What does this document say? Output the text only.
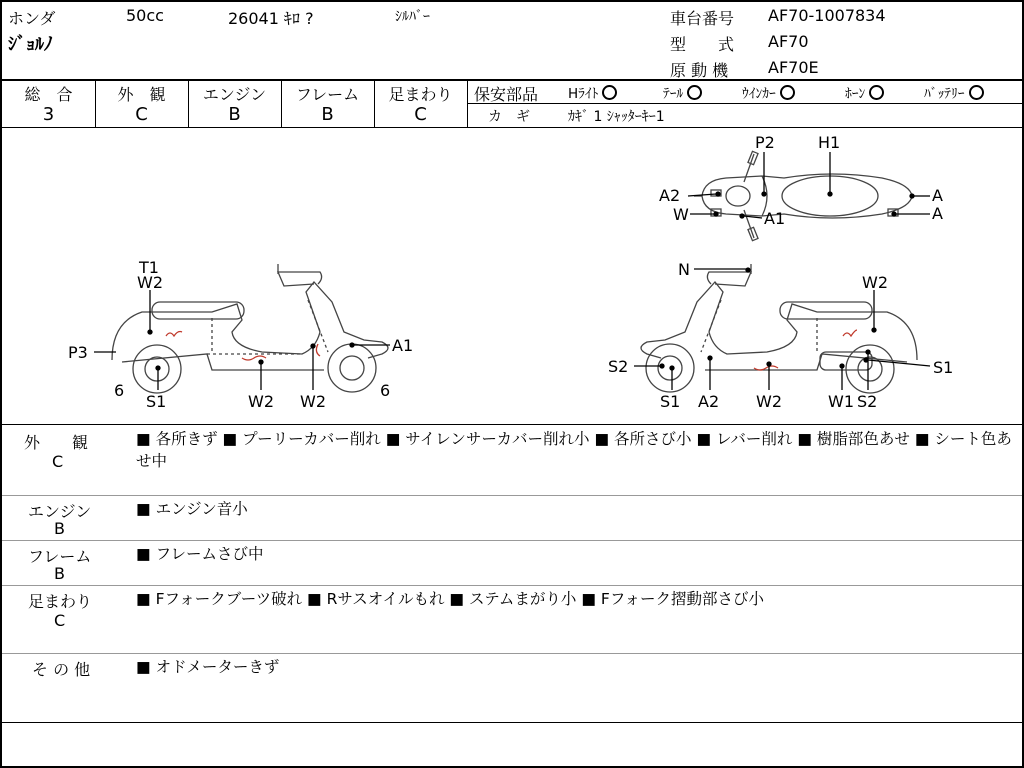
ホンダ	50cc	26041 ｷﾛ ?	ｼﾙﾊﾞｰ
ｼﾞｮﾙﾉ
車台番号 AF70-1007834
型　　式 AF70
原 動 機 AF70E
総　合
3
外　観
C
エンジン
B
フレーム
B
足まわり
C
保安部品 Hﾗｲﾄ	ﾃｰﾙ	ｳｲﾝｶｰ	ﾎｰﾝ	ﾊﾞｯﾃﾘｰ
カ　ギ	ｶｷﾞ 1 ｼｬｯﾀｰｷｰ1
P2	H1
A2	A
W	A1	A
T1
W2
P3	A1
6
S1	W2 W2
6
N
W2
S2	S1
S1 A2 W2	W1 S2
外　　観
C
■ 各所きず ■ プーリーカバー削れ ■ サイレンサーカバー削れ小 ■ 各所さび小 ■ レバー削れ ■ 樹脂部色あせ ■ シート色あせ中
エンジン
B
■ エンジン音小
フレーム
B
■ フレームさび中
足まわり
C
■ Fフォークブーツ破れ ■ Rサスオイルもれ ■ ステムまがり小 ■ Fフォーク摺動部さび小
そ の 他	■ オドメーターきず
